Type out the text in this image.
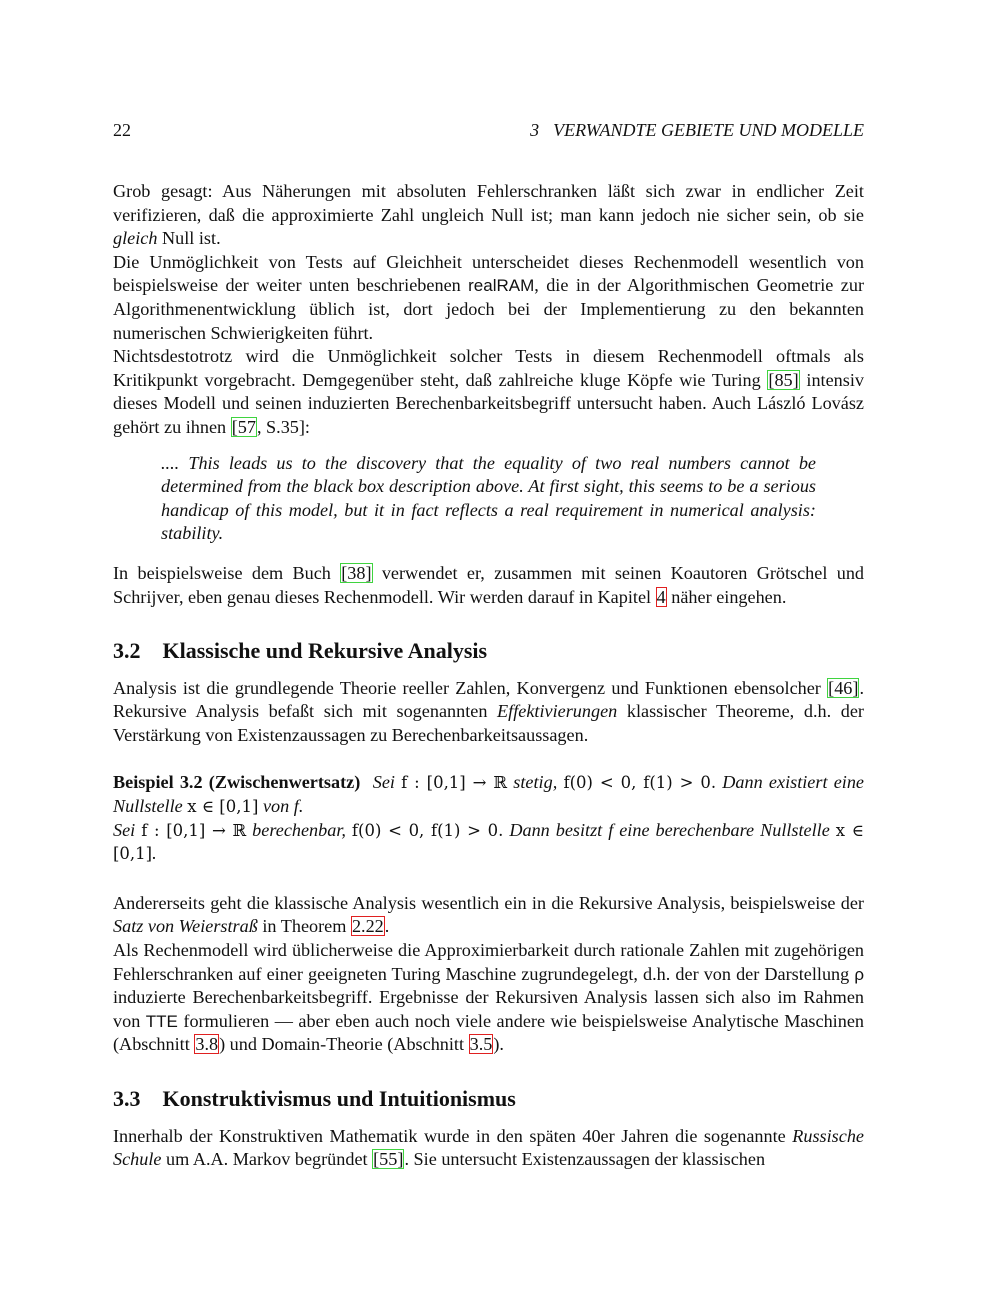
22	3 VERWANDTE GEBIETE UND MODELLE

Grob gesagt: Aus Näherungen mit absoluten Fehlerschranken läßt sich zwar in endlicher Zeit verifizieren, daß die approximierte Zahl ungleich Null ist; man kann jedoch nie sicher sein, ob sie gleich Null ist.

Die Unmöglichkeit von Tests auf Gleichheit unterscheidet dieses Rechenmodell wesentlich von beispielsweise der weiter unten beschriebenen realRAM, die in der Algorithmischen Geometrie zur Algorithmenentwicklung üblich ist, dort jedoch bei der Implementierung zu den bekannten numerischen Schwierigkeiten führt.

Nichtsdestotrotz wird die Unmöglichkeit solcher Tests in diesem Rechenmodell oftmals als Kritikpunkt vorgebracht. Demgegenüber steht, daß zahlreiche kluge Köpfe wie Turing [85] intensiv dieses Modell und seinen induzierten Berechenbarkeitsbegriff untersucht haben. Auch László Lovász gehört zu ihnen [57, S.35]:

.... This leads us to the discovery that the equality of two real numbers cannot be determined from the black box description above. At first sight, this seems to be a serious handicap of this model, but it in fact reflects a real requirement in numerical analysis: stability.

In beispielsweise dem Buch [38] verwendet er, zusammen mit seinen Koautoren Grötschel und Schrijver, eben genau dieses Rechenmodell. Wir werden darauf in Kapitel 4 näher eingehen.

3.2 Klassische und Rekursive Analysis

Analysis ist die grundlegende Theorie reeller Zahlen, Konvergenz und Funktionen ebensolcher [46]. Rekursive Analysis befaßt sich mit sogenannten Effektivierungen klassischer Theoreme, d.h. der Verstärkung von Existenzaussagen zu Berechenbarkeitsaussagen.

Beispiel 3.2 (Zwischenwertsatz) Sei f : [0,1] → ℝ stetig, f(0) < 0, f(1) > 0. Dann existiert eine Nullstelle x ∈ [0,1] von f.
Sei f : [0,1] → ℝ berechenbar, f(0) < 0, f(1) > 0. Dann besitzt f eine berechenbare Nullstelle x ∈ [0,1].

Andererseits geht die klassische Analysis wesentlich ein in die Rekursive Analysis, beispielsweise der Satz von Weierstraß in Theorem 2.22.

Als Rechenmodell wird üblicherweise die Approximierbarkeit durch rationale Zahlen mit zugehörigen Fehlerschranken auf einer geeigneten Turing Maschine zugrundegelegt, d.h. der von der Darstellung ρ induzierte Berechenbarkeitsbegriff. Ergebnisse der Rekursiven Analysis lassen sich also im Rahmen von TTE formulieren — aber eben auch noch viele andere wie beispielsweise Analytische Maschinen (Abschnitt 3.8) und Domain-Theorie (Abschnitt 3.5).

3.3 Konstruktivismus und Intuitionismus

Innerhalb der Konstruktiven Mathematik wurde in den späten 40er Jahren die sogenannte Russische Schule um A.A. Markov begründet [55]. Sie untersucht Existenzaussagen der klassischen
